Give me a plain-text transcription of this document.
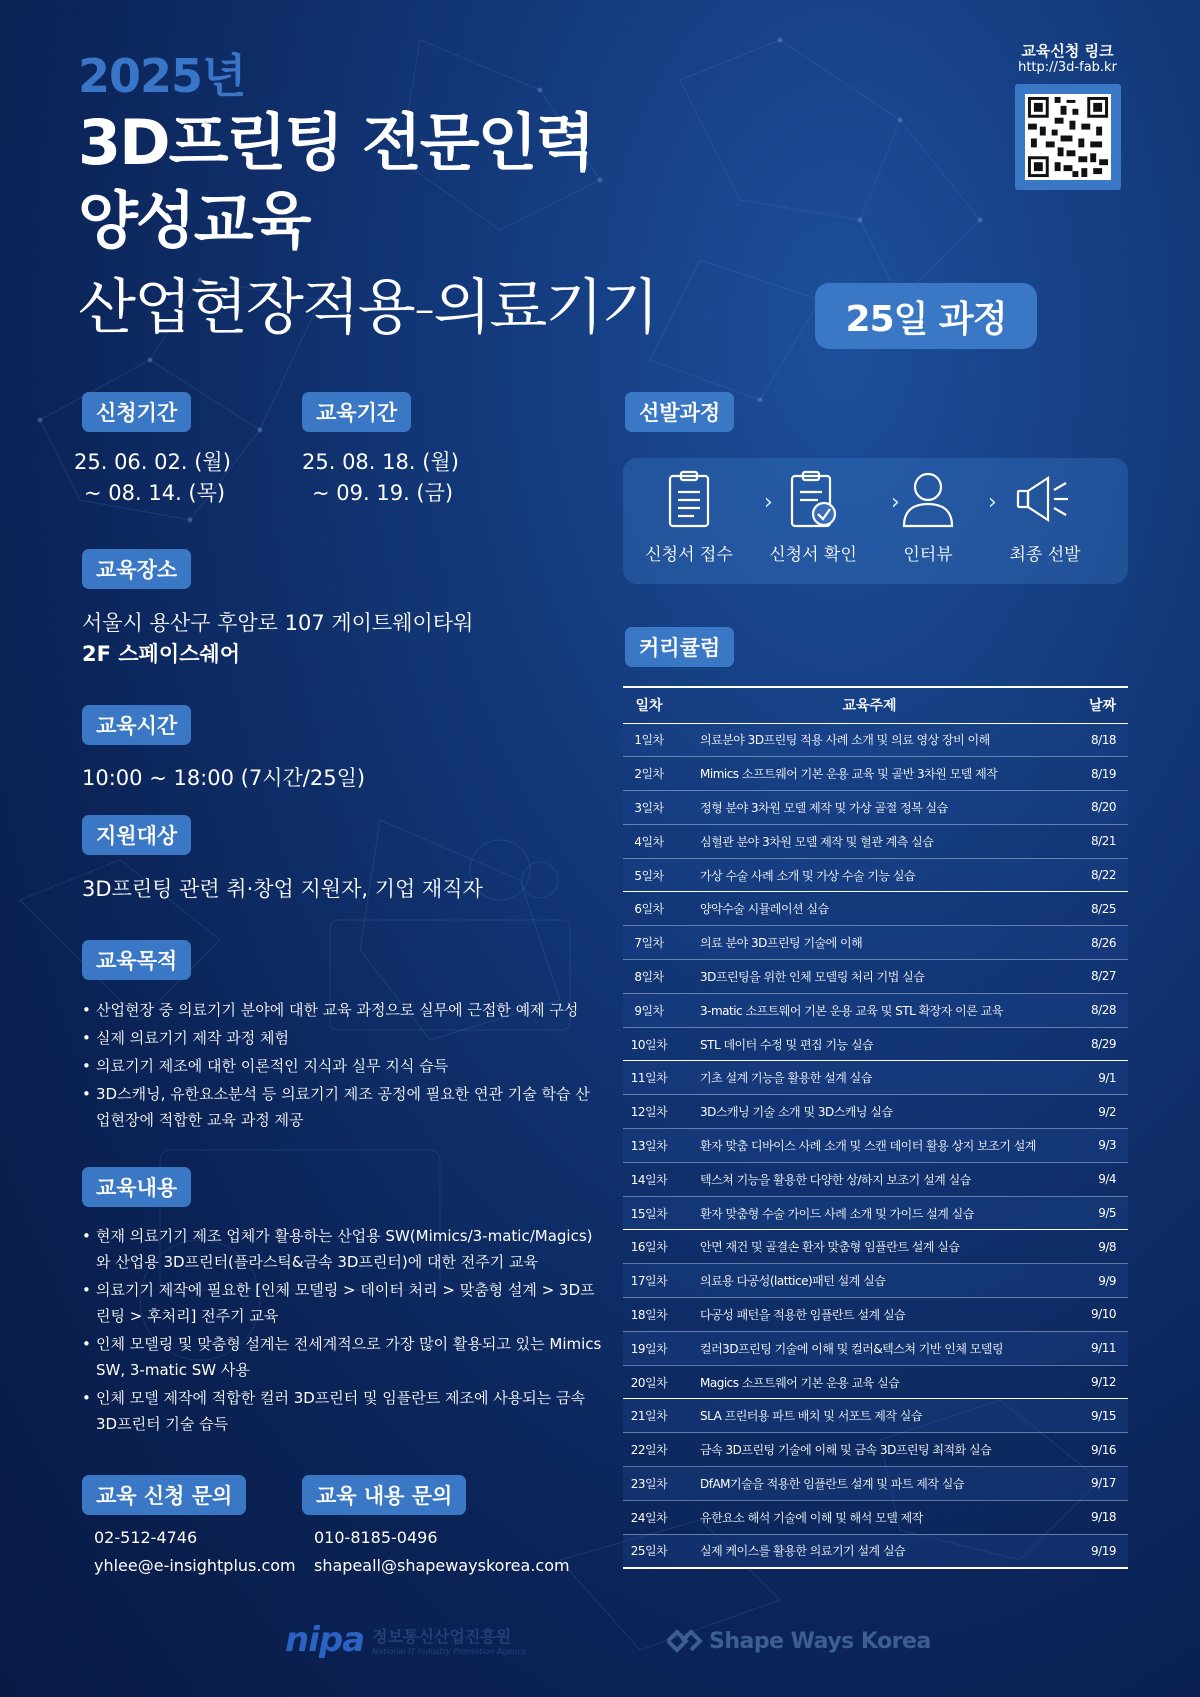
2025년
3D프린팅 전문인력
양성교육
산업현장적용-의료기기	25일 과정
교육신청 링크
http://3d-fab.kr
신청기간
25. 06. 02. (월)
~ 08. 14. (목)
교육기간
25. 08. 18. (월)
~ 09. 19. (금)
교육장소
서울시 용산구 후암로 107 게이트웨이타워
2F 스페이스쉐어
교육시간
10:00 ~ 18:00 (7시간/25일)
지원대상
3D프린팅 관련 취·창업 지원자, 기업 재직자
교육목적
• 산업현장 중 의료기기 분야에 대한 교육 과정으로 실무에 근접한 예제 구성
• 실제 의료기기 제작 과정 체험
• 의료기기 제조에 대한 이론적인 지식과 실무 지식 습득
• 3D스캐닝, 유한요소분석 등 의료기기 제조 공정에 필요한 연관 기술 학습 산업현장에 적합한 교육 과정 제공
교육내용
• 현재 의료기기 제조 업체가 활용하는 산업용 SW(Mimics/3-matic/Magics)와 산업용 3D프린터(플라스틱&금속 3D프린터)에 대한 전주기 교육
• 의료기기 제작에 필요한 [인체 모델링 > 데이터 처리 > 맞춤형 설계 > 3D프린팅 > 후처리] 전주기 교육
• 인체 모델링 및 맞춤형 설계는 전세계적으로 가장 많이 활용되고 있는 Mimics SW, 3-matic SW 사용
• 인체 모델 제작에 적합한 컬러 3D프린터 및 임플란트 제조에 사용되는 금속 3D프린터 기술 습득
교육 신청 문의
02-512-4746
yhlee@e-insightplus.com
교육 내용 문의
010-8185-0496
shapeall@shapewayskorea.com
선발과정
신청서 접수
›
신청서 확인
›
인터뷰
›
최종 선발
커리큘럼
일차	교육주제	날짜
1일차	의료분야 3D프린팅 적용 사례 소개 및 의료 영상 장비 이해	8/18
2일차	Mimics 소프트웨어 기본 운용 교육 및 골반 3차원 모델 제작	8/19
3일차	정형 분야 3차원 모델 제작 및 가상 골절 정복 실습	8/20
4일차	심혈관 분야 3차원 모델 제작 및 혈관 계측 실습	8/21
5일차	가상 수술 사례 소개 및 가상 수술 기능 실습	8/22
6일차	양악수술 시뮬레이션 실습	8/25
7일차	의료 분야 3D프린팅 기술에 이해	8/26
8일차	3D프린팅을 위한 인체 모델링 처리 기법 실습	8/27
9일차	3-matic 소프트웨어 기본 운용 교육 및 STL 확장자 이론 교육	8/28
10일차	STL 데이터 수정 및 편집 기능 실습	8/29
11일차	기초 설계 기능을 활용한 설계 실습	9/1
12일차	3D스캐닝 기술 소개 및 3D스캐닝 실습	9/2
13일차	환자 맞춤 디바이스 사례 소개 및 스캔 데이터 활용 상지 보조기 설계	9/3
14일차	텍스쳐 기능을 활용한 다양한 상/하지 보조기 설계 실습	9/4
15일차	환자 맞춤형 수술 가이드 사례 소개 및 가이드 설계 실습	9/5
16일차	안면 재건 및 골결손 환자 맞춤형 임플란트 설계 실습	9/8
17일차	의료용 다공성(lattice)패턴 설계 실습	9/9
18일차	다공성 패턴을 적용한 임플란트 설계 실습	9/10
19일차	컬러3D프린팅 기술에 이해 및 컬러&텍스쳐 기반 인체 모델링	9/11
20일차	Magics 소프트웨어 기본 운용 교육 실습	9/12
21일차	SLA 프린터용 파트 배치 및 서포트 제작 실습	9/15
22일차	금속 3D프린팅 기술에 이해 및 금속 3D프린팅 최적화 실습	9/16
23일차	DfAM기술을 적용한 임플란트 설계 및 파트 제작 실습	9/17
24일차	유한요소 해석 기술에 이해 및 해석 모델 제작	9/18
25일차	실제 케이스를 활용한 의료기기 설계 실습	9/19
nipa 정보통신산업진흥원
National IT Industry Promotion Agency	Shape Ways Korea
